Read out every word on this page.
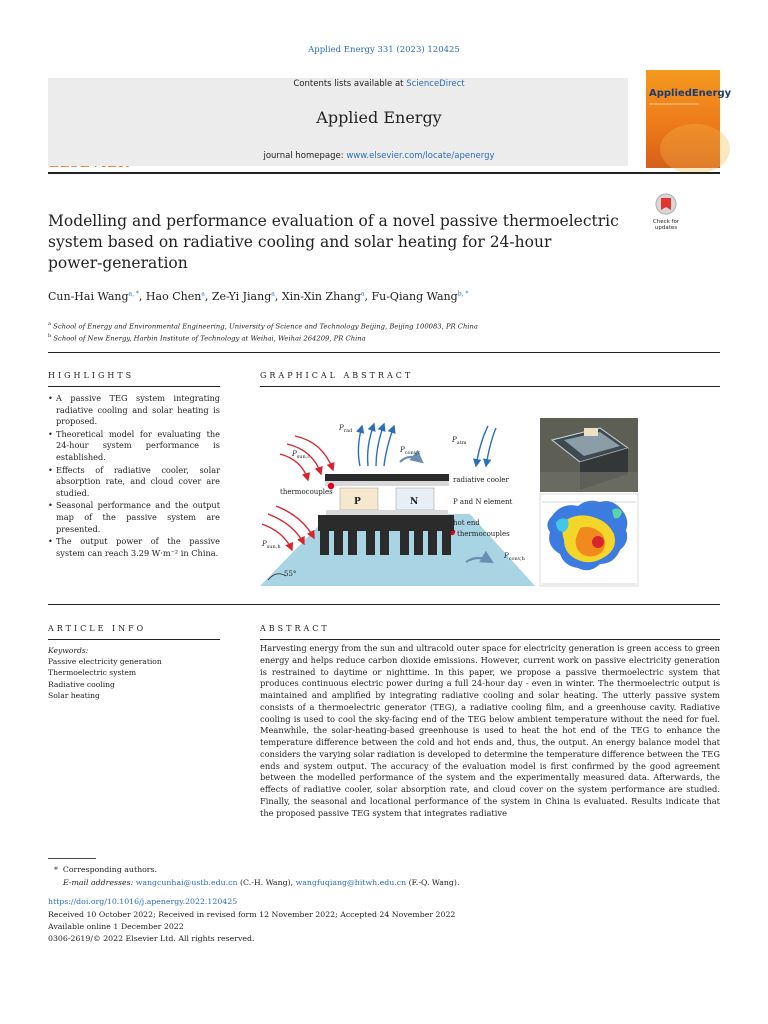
Applied Energy 331 (2023) 120425
Contents lists available at ScienceDirect
Applied Energy
journal homepage: www.elsevier.com/locate/apenergy
AppliedEnergy
Check for
updates
Modelling and performance evaluation of a novel passive thermoelectric
system based on radiative cooling and solar heating for 24-hour
power-generation
Cun-Hai Wang$^{a, *}$, Hao Chen$^a$, Ze-Yi Jiang$^a$, Xin-Xin Zhang$^a$, Fu-Qiang Wang$^{b, *}$
$^a$ School of Energy and Environmental Engineering, University of Science and Technology Beijing, Beijing 100083, PR China
$^b$ School of New Energy, Harbin Institute of Technology at Weihai, Weihai 264209, PR China
HIGHLIGHTS
• A passive TEG system integrating radiative cooling and solar heating is proposed.
• Theoretical model for evaluating the 24-hour system performance is established.
• Effects of radiative cooler, solar absorption rate, and cloud cover are studied.
• Seasonal performance and the output map of the passive system are presented.
• The output power of the passive system can reach 3.29 W·m⁻² in China.
GRAPHICAL ABSTRACT
$P_{rad}$
$P_{atm}$
$P_{sun,c}$
$P_{conv,c}$
$P_{sun,h}$
$P_{conv,h}$
radiative cooler
thermocouples
P	N	P and N element
hot end
thermocouples
55°
ARTICLE INFO
Keywords:
Passive electricity generation
Thermoelectric system
Radiative cooling
Solar heating
ABSTRACT
Harvesting energy from the sun and ultracold outer space for electricity generation is green access to green energy and helps reduce carbon dioxide emissions. However, current work on passive electricity generation is restrained to daytime or nighttime. In this paper, we propose a passive thermoelectric system that produces continuous electric power during a full 24-hour day - even in winter. The thermoelectric output is maintained and amplified by integrating radiative cooling and solar heating. The utterly passive system consists of a thermoelectric generator (TEG), a radiative cooling film, and a greenhouse cavity. Radiative cooling is used to cool the sky-facing end of the TEG below ambient temperature without the need for fuel. Meanwhile, the solar-heating-based greenhouse is used to heat the hot end of the TEG to enhance the temperature difference between the cold and hot ends and, thus, the output. An energy balance model that considers the varying solar radiation is developed to determine the temperature difference between the TEG ends and system output. The accuracy of the evaluation model is first confirmed by the good agreement between the modelled performance of the system and the experimentally measured data. Afterwards, the effects of radiative cooler, solar absorption rate, and cloud cover on the system performance are studied. Finally, the seasonal and locational performance of the system in China is evaluated. Results indicate that the proposed passive TEG system that integrates radiative
* Corresponding authors.
E-mail addresses: wangcunhai@ustb.edu.cn (C.-H. Wang), wangfuqiang@hitwh.edu.cn (F.-Q. Wang).
https://doi.org/10.1016/j.apenergy.2022.120425
Received 10 October 2022; Received in revised form 12 November 2022; Accepted 24 November 2022
Available online 1 December 2022
0306-2619/© 2022 Elsevier Ltd. All rights reserved.
